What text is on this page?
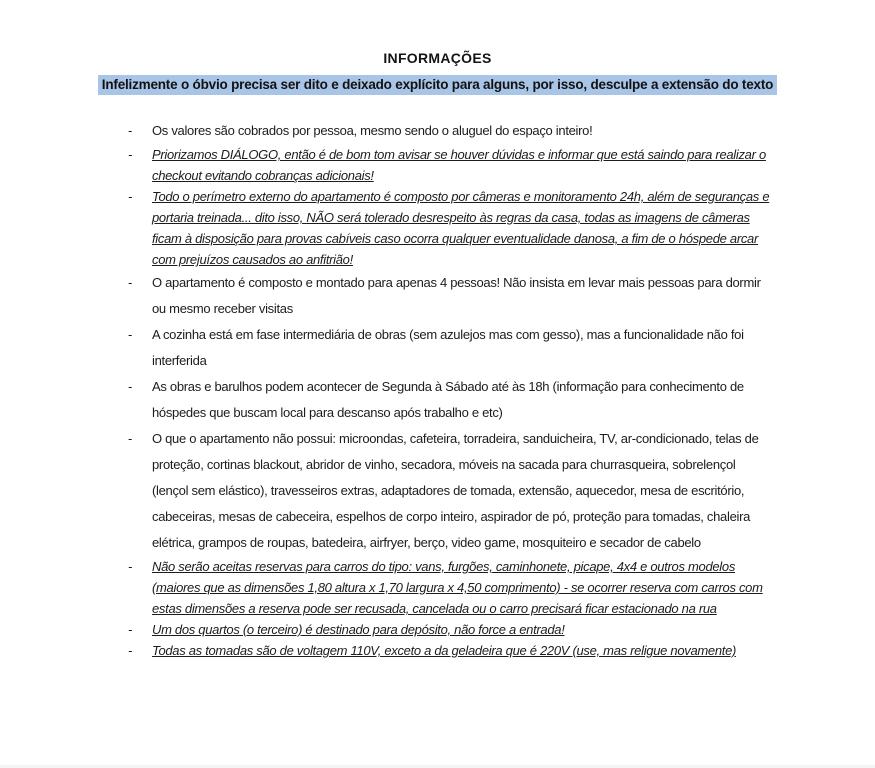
INFORMAÇÕES
Infelizmente o óbvio precisa ser dito e deixado explícito para alguns, por isso, desculpe a extensão do texto
-	Os valores são cobrados por pessoa, mesmo sendo o aluguel do espaço inteiro!
-	Priorizamos DIÁLOGO, então é de bom tom avisar se houver dúvidas e informar que está saindo para realizar o checkout evitando cobranças adicionais!
-	Todo o perímetro externo do apartamento é composto por câmeras e monitoramento 24h, além de seguranças e portaria treinada... dito isso, NÃO será tolerado desrespeito às regras da casa, todas as imagens de câmeras ficam à disposição para provas cabíveis caso ocorra qualquer eventualidade danosa, a fim de o hóspede arcar com prejuízos causados ao anfitrião!
-	O apartamento é composto e montado para apenas 4 pessoas! Não insista em levar mais pessoas para dormir ou mesmo receber visitas
-	A cozinha está em fase intermediária de obras (sem azulejos mas com gesso), mas a funcionalidade não foi interferida
-	As obras e barulhos podem acontecer de Segunda à Sábado até às 18h (informação para conhecimento de hóspedes que buscam local para descanso após trabalho e etc)
-	O que o apartamento não possui: microondas, cafeteira, torradeira, sanduicheira, TV, ar-condicionado, telas de proteção, cortinas blackout, abridor de vinho, secadora, móveis na sacada para churrasqueira, sobrelençol (lençol sem elástico), travesseiros extras, adaptadores de tomada, extensão, aquecedor, mesa de escritório, cabeceiras, mesas de cabeceira, espelhos de corpo inteiro, aspirador de pó, proteção para tomadas, chaleira elétrica, grampos de roupas, batedeira, airfryer, berço, video game, mosquiteiro e secador de cabelo
-	Não serão aceitas reservas para carros do tipo: vans, furgões, caminhonete, picape, 4x4 e outros modelos (maiores que as dimensões 1,80 altura x 1,70 largura x 4,50 comprimento) - se ocorrer reserva com carros com estas dimensões a reserva pode ser recusada, cancelada ou o carro precisará ficar estacionado na rua
-	Um dos quartos (o terceiro) é destinado para depósito, não force a entrada!
-	Todas as tomadas são de voltagem 110V, exceto a da geladeira que é 220V (use, mas religue novamente)
